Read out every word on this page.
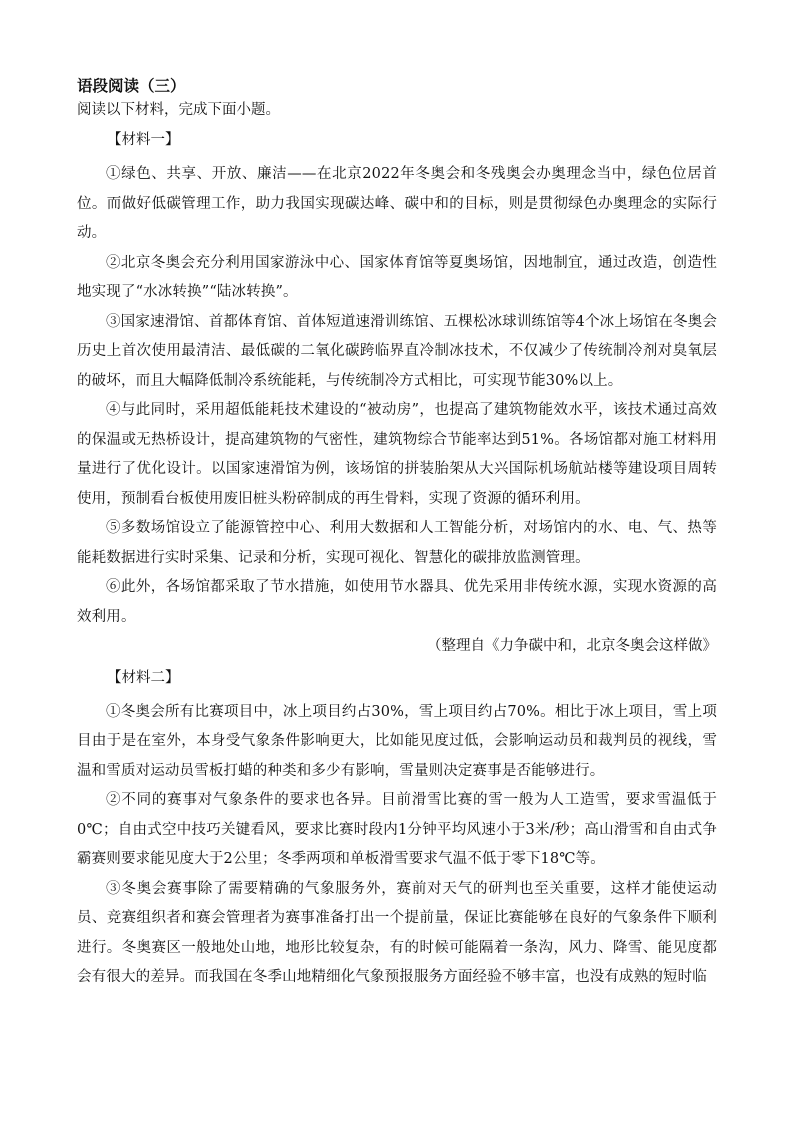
语段阅读（三）

阅读以下材料，完成下面小题。

【材料一】

①绿色、共享、开放、廉洁——在北京2022年冬奥会和冬残奥会办奥理念当中，绿色位居首位。而做好低碳管理工作，助力我国实现碳达峰、碳中和的目标，则是贯彻绿色办奥理念的实际行动。

②北京冬奥会充分利用国家游泳中心、国家体育馆等夏奥场馆，因地制宜，通过改造，创造性地实现了“水冰转换”“陆冰转换”。

③国家速滑馆、首都体育馆、首体短道速滑训练馆、五棵松冰球训练馆等4个冰上场馆在冬奥会历史上首次使用最清洁、最低碳的二氧化碳跨临界直冷制冰技术，不仅减少了传统制冷剂对臭氧层的破坏，而且大幅降低制冷系统能耗，与传统制冷方式相比，可实现节能30%以上。

④与此同时，采用超低能耗技术建设的“被动房”，也提高了建筑物能效水平，该技术通过高效的保温或无热桥设计，提高建筑物的气密性，建筑物综合节能率达到51%。各场馆都对施工材料用量进行了优化设计。以国家速滑馆为例，该场馆的拼装胎架从大兴国际机场航站楼等建设项目周转使用，预制看台板使用废旧桩头粉碎制成的再生骨料，实现了资源的循环利用。

⑤多数场馆设立了能源管控中心、利用大数据和人工智能分析，对场馆内的水、电、气、热等能耗数据进行实时采集、记录和分析，实现可视化、智慧化的碳排放监测管理。

⑥此外，各场馆都采取了节水措施，如使用节水器具、优先采用非传统水源，实现水资源的高效利用。

（整理自《力争碳中和，北京冬奥会这样做》

【材料二】

①冬奥会所有比赛项目中，冰上项目约占30%，雪上项目约占70%。相比于冰上项目，雪上项目由于是在室外，本身受气象条件影响更大，比如能见度过低，会影响运动员和裁判员的视线，雪温和雪质对运动员雪板打蜡的种类和多少有影响，雪量则决定赛事是否能够进行。

②不同的赛事对气象条件的要求也各异。目前滑雪比赛的雪一般为人工造雪，要求雪温低于0℃；自由式空中技巧关键看风，要求比赛时段内1分钟平均风速小于3米/秒；高山滑雪和自由式争霸赛则要求能见度大于2公里；冬季两项和单板滑雪要求气温不低于零下18℃等。

③冬奥会赛事除了需要精确的气象服务外，赛前对天气的研判也至关重要，这样才能使运动员、竞赛组织者和赛会管理者为赛事准备打出一个提前量，保证比赛能够在良好的气象条件下顺利进行。冬奥赛区一般地处山地，地形比较复杂，有的时候可能隔着一条沟，风力、降雪、能见度都会有很大的差异。而我国在冬季山地精细化气象预报服务方面经验不够丰富，也没有成熟的短时临
